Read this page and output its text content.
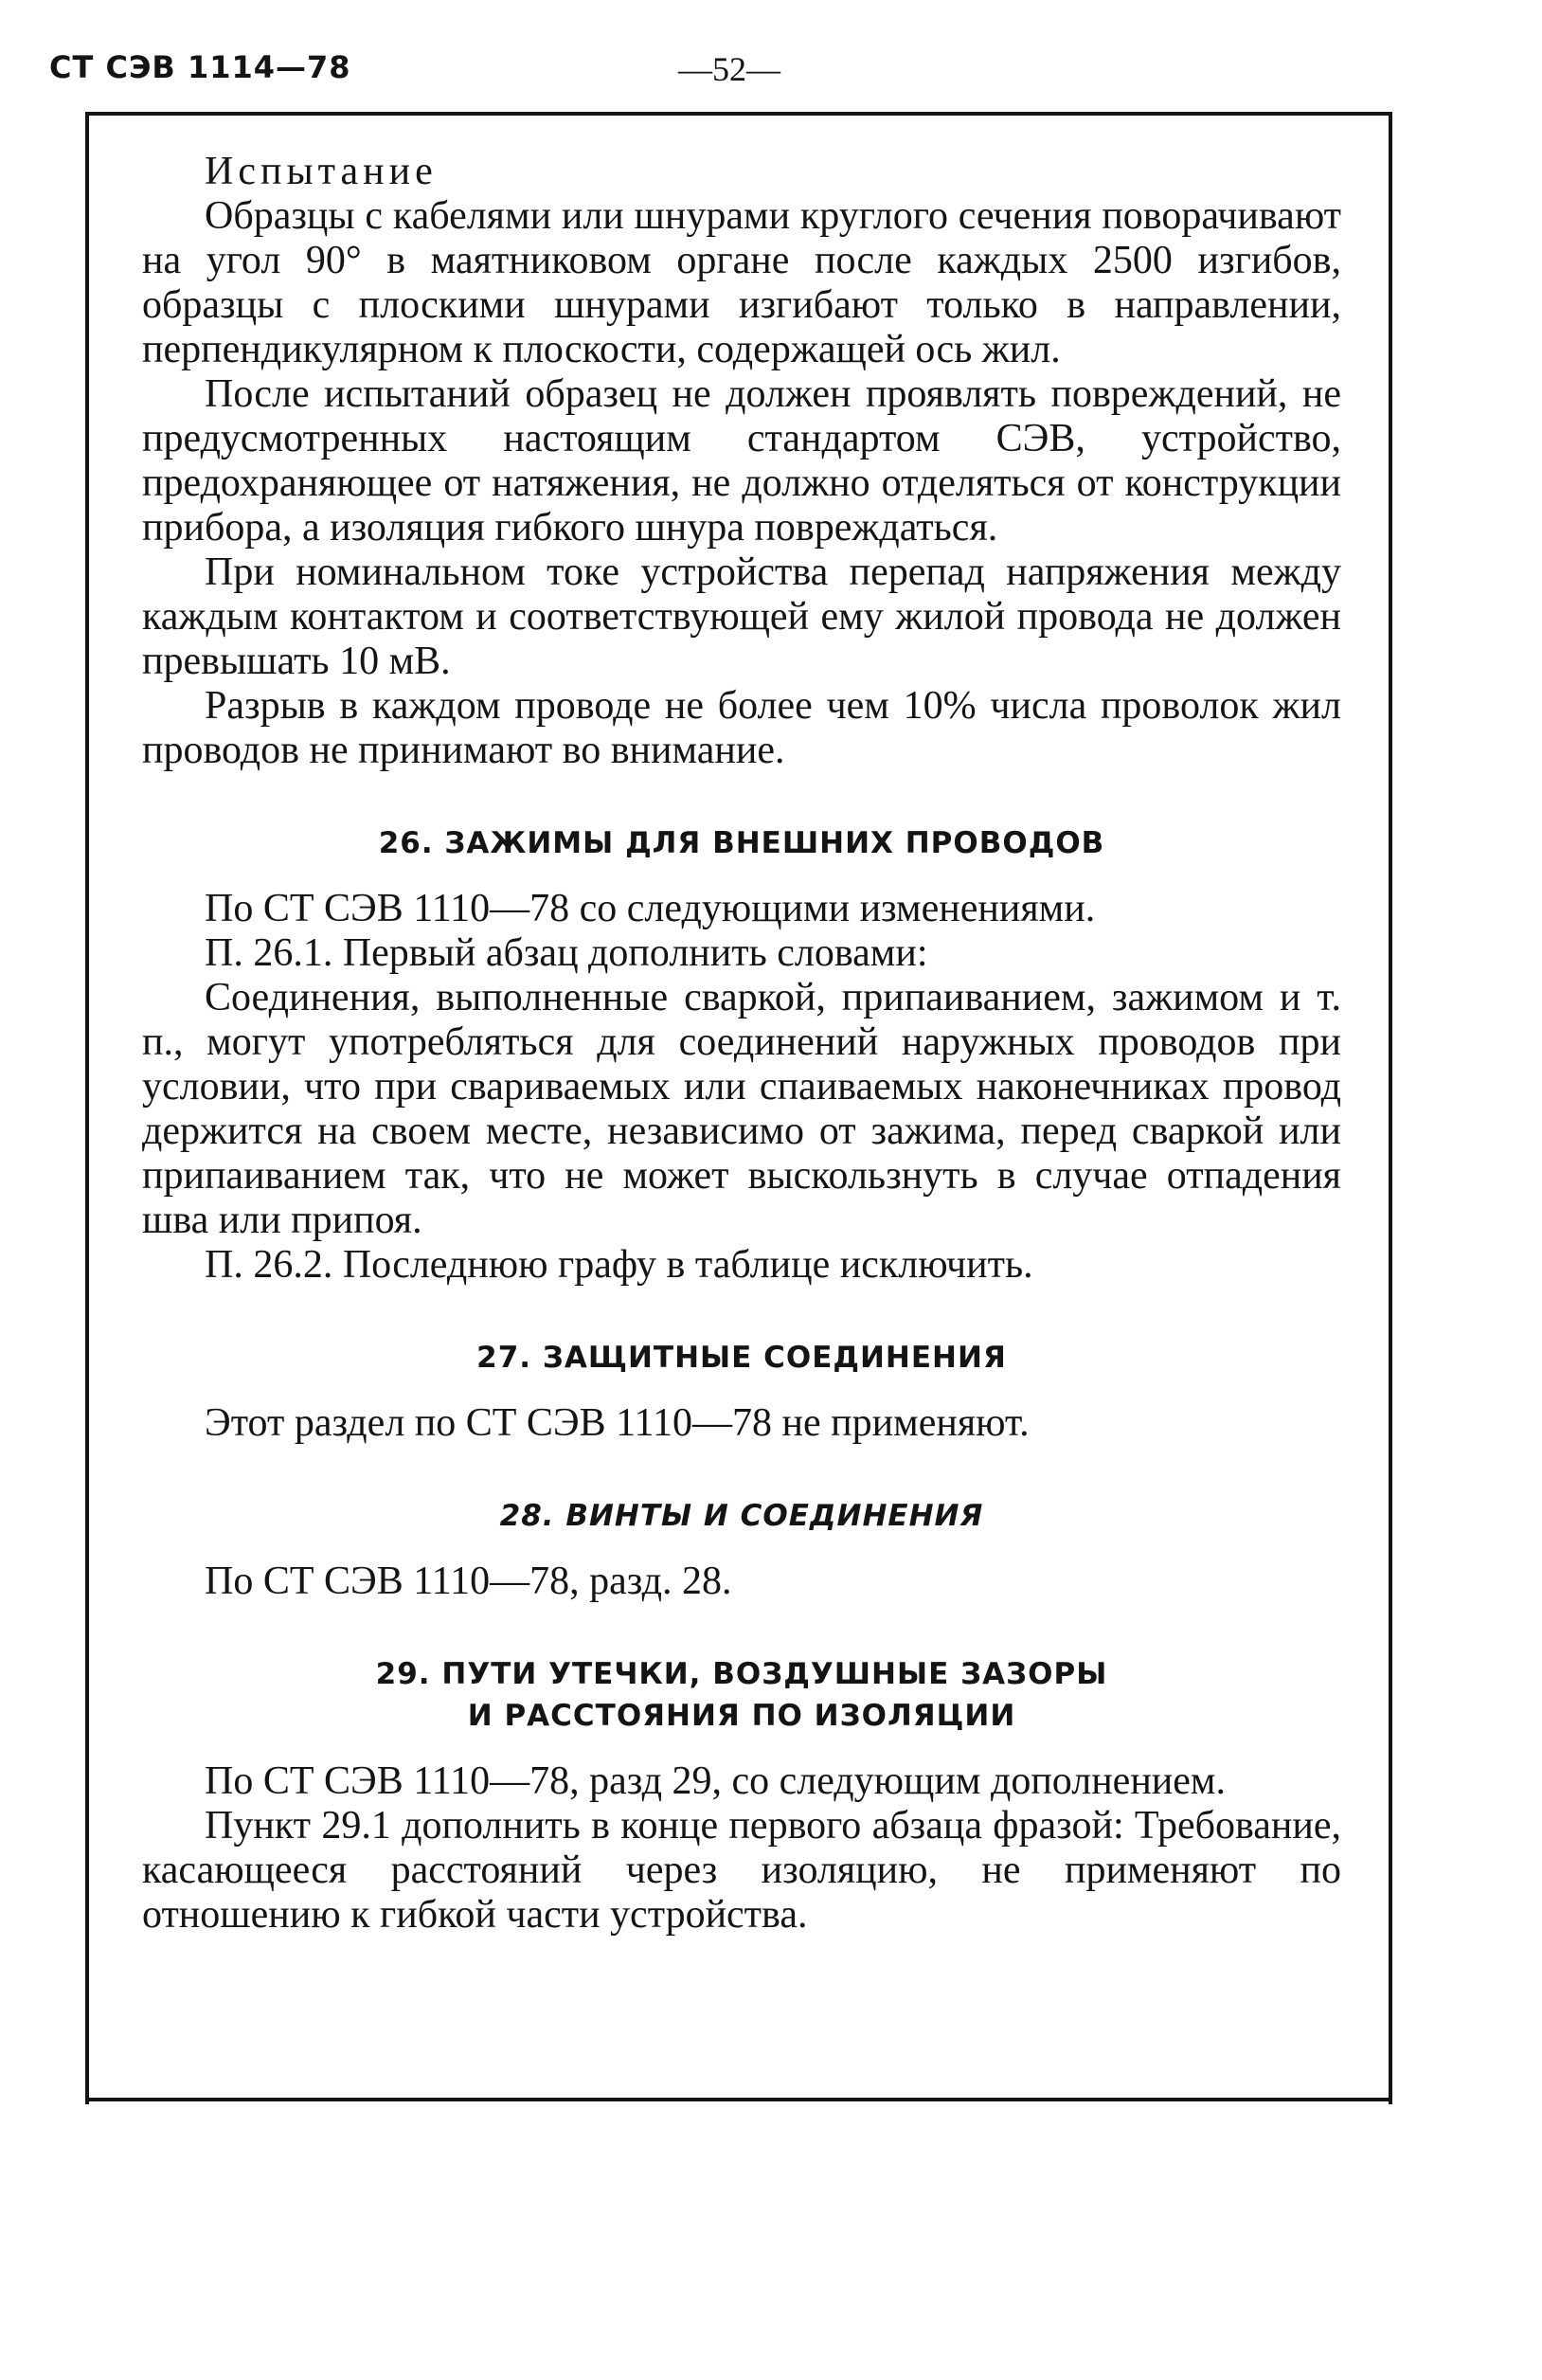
СТ СЭВ 1114—78	—52—

Испытание

Образцы с кабелями или шнурами круглого сечения поворачивают на угол 90° в маятниковом органе после каждых 2500 изгибов, образцы с плоскими шнурами изгибают только в направлении, перпендикулярном к плоскости, содержащей ось жил.

После испытаний образец не должен проявлять повреждений, не предусмотренных настоящим стандартом СЭВ, устройство, предохраняющее от натяжения, не должно отделяться от конструкции прибора, а изоляция гибкого шнура повреждаться.

При номинальном токе устройства перепад напряжения между каждым контактом и соответствующей ему жилой провода не должен превышать 10 мВ.

Разрыв в каждом проводе не более чем 10% числа проволок жил проводов не принимают во внимание.

26. ЗАЖИМЫ ДЛЯ ВНЕШНИХ ПРОВОДОВ

По СТ СЭВ 1110—78 со следующими изменениями.

П. 26.1. Первый абзац дополнить словами:

Соединения, выполненные сваркой, припаиванием, зажимом и т. п., могут употребляться для соединений наружных проводов при условии, что при свариваемых или спаиваемых наконечниках провод держится на своем месте, независимо от зажима, перед сваркой или припаиванием так, что не может выскользнуть в случае отпадения шва или припоя.

П. 26.2. Последнюю графу в таблице исключить.

27. ЗАЩИТНЫЕ СОЕДИНЕНИЯ

Этот раздел по СТ СЭВ 1110—78 не применяют.

28. ВИНТЫ И СОЕДИНЕНИЯ

По СТ СЭВ 1110—78, разд. 28.

29. ПУТИ УТЕЧКИ, ВОЗДУШНЫЕ ЗАЗОРЫ
И РАССТОЯНИЯ ПО ИЗОЛЯЦИИ

По СТ СЭВ 1110—78, разд 29, со следующим дополнением.

Пункт 29.1 дополнить в конце первого абзаца фразой: Требование, касающееся расстояний через изоляцию, не применяют по отношению к гибкой части устройства.
